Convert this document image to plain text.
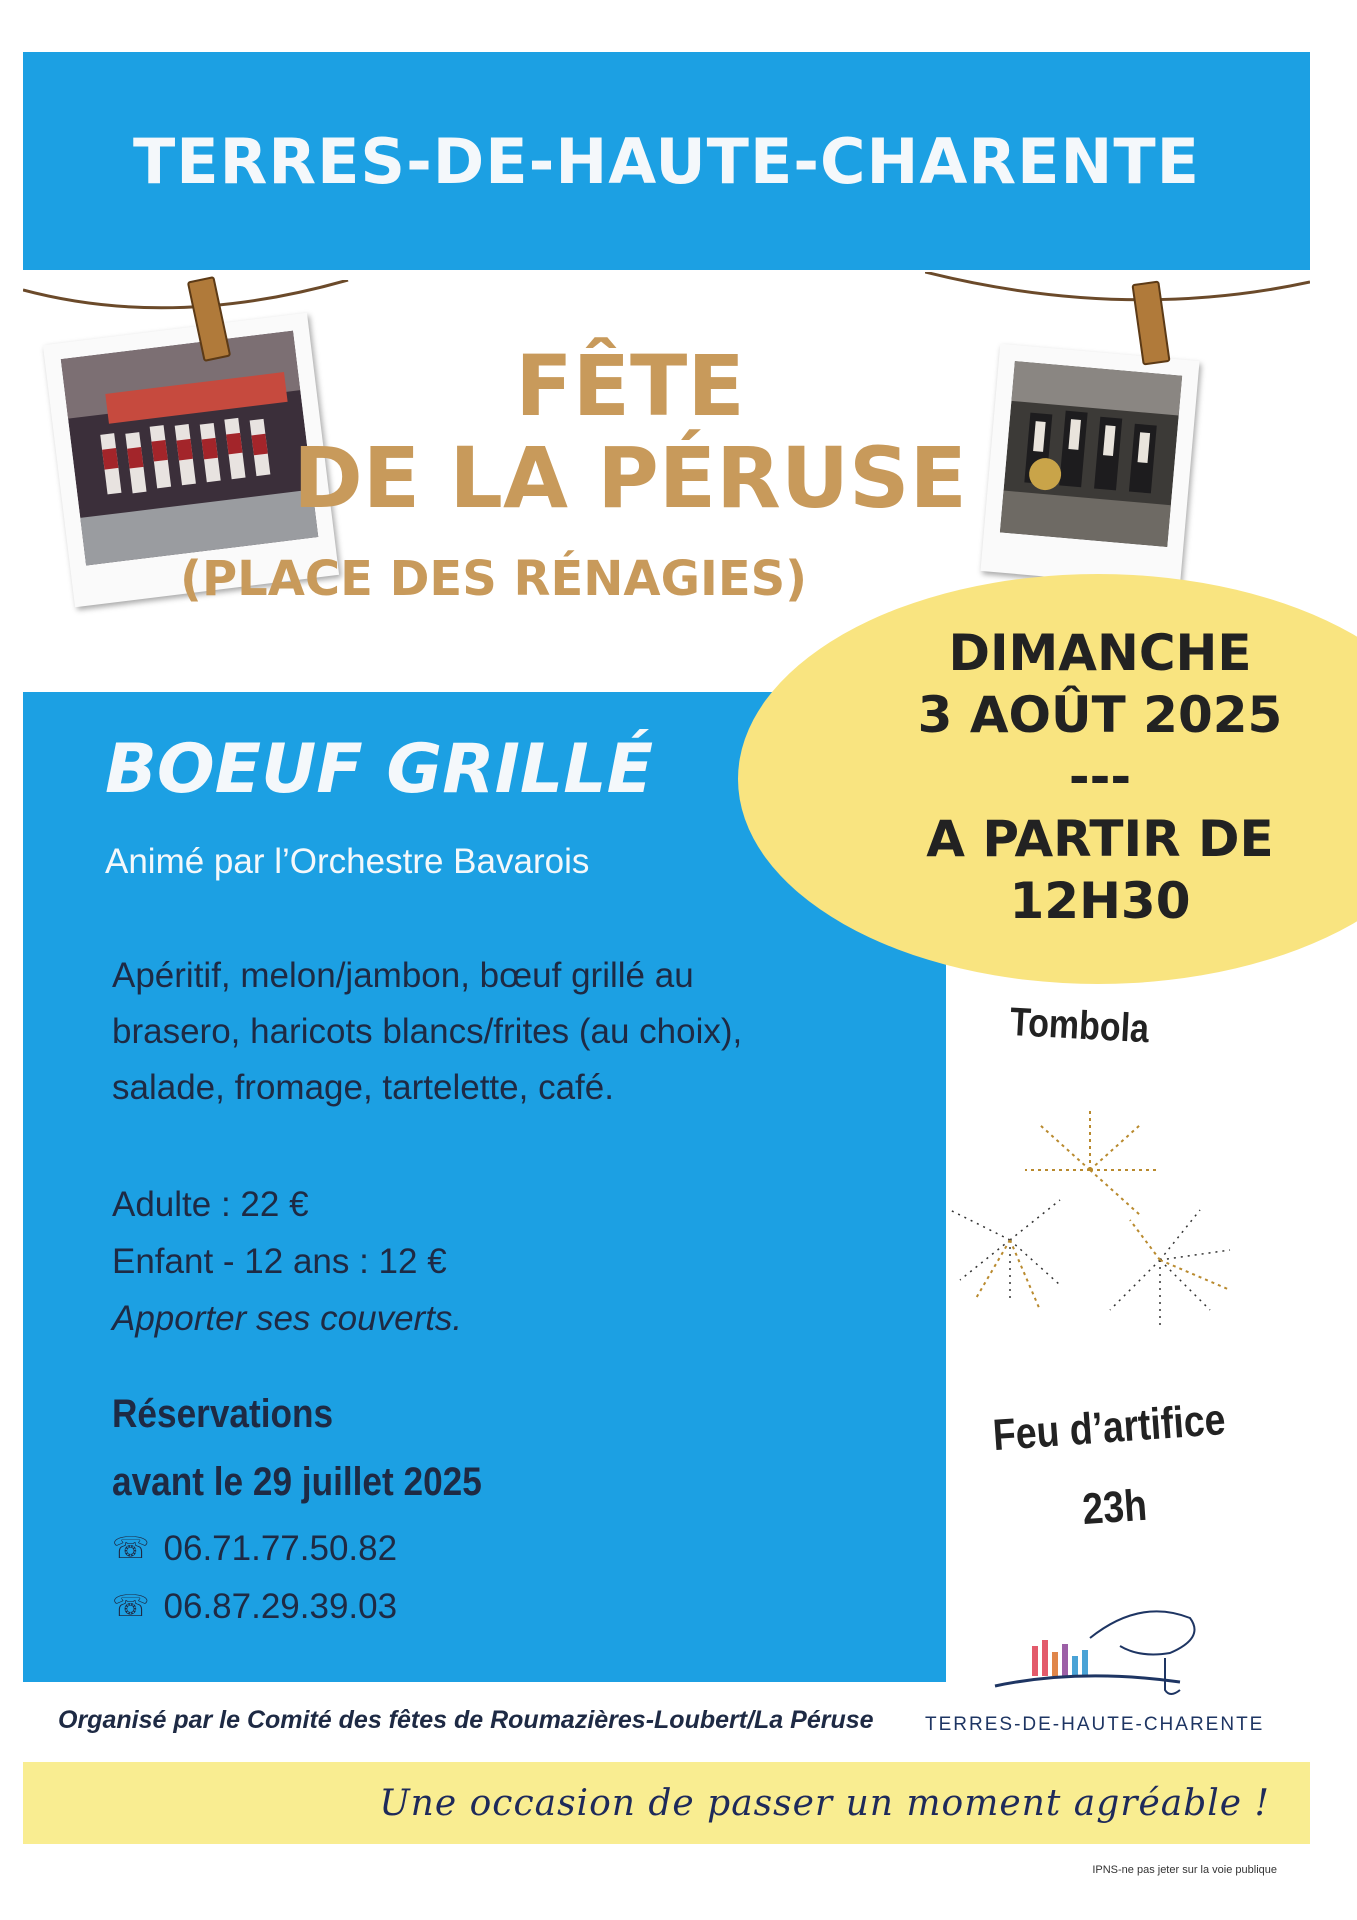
TERRES-DE-HAUTE-CHARENTE
FÊTE
DE LA PÉRUSE
(PLACE DES RÉNAGIES)
BOEUF GRILLÉ
Animé par l’Orchestre Bavarois
Apéritif, melon/jambon, bœuf grillé au
brasero, haricots blancs/frites (au choix),
salade, fromage, tartelette, café.
Adulte : 22 €
Enfant - 12 ans : 12 €
Apporter ses couverts.
Réservations
avant le 29 juillet 2025
☏ 06.71.77.50.82
☏ 06.87.29.39.03
DIMANCHE
3 AOÛT 2025
---
A PARTIR DE
12H30
Tombola
Feu d’artifice
23h
TERRES-DE-HAUTE-CHARENTE
Organisé par le Comité des fêtes de Roumazières-Loubert/La Péruse
Une occasion de passer un moment agréable !
IPNS-ne pas jeter sur la voie publique
